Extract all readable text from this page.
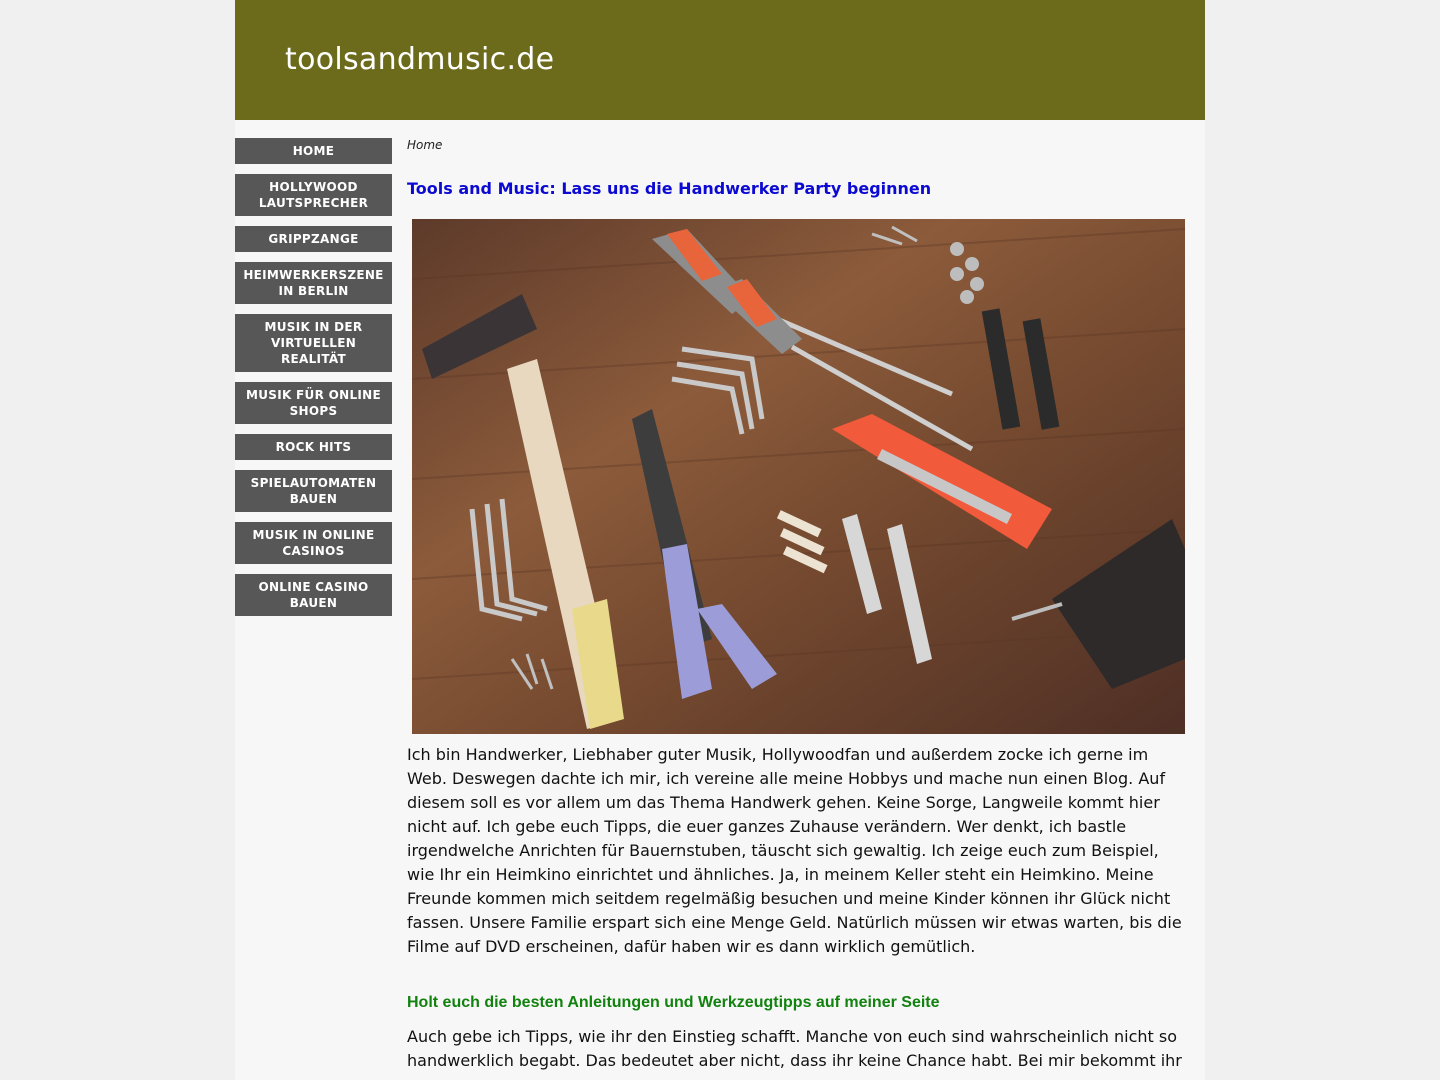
toolsandmusic.de
HOME
HOLLYWOOD LAUTSPRECHER
GRIPPZANGE
HEIMWERKERSZENE IN BERLIN
MUSIK IN DER VIRTUELLEN REALITÄT
MUSIK FÜR ONLINE SHOPS
ROCK HITS
SPIELAUTOMATEN BAUEN
MUSIK IN ONLINE CASINOS
ONLINE CASINO BAUEN
Home
Tools and Music: Lass uns die Handwerker Party beginnen

Ich bin Handwerker, Liebhaber guter Musik, Hollywoodfan und außerdem zocke ich gerne im Web. Deswegen dachte ich mir, ich vereine alle meine Hobbys und mache nun einen Blog. Auf diesem soll es vor allem um das Thema Handwerk gehen. Keine Sorge, Langweile kommt hier nicht auf. Ich gebe euch Tipps, die euer ganzes Zuhause verändern. Wer denkt, ich bastle irgendwelche Anrichten für Bauernstuben, täuscht sich gewaltig. Ich zeige euch zum Beispiel, wie Ihr ein Heimkino einrichtet und ähnliches. Ja, in meinem Keller steht ein Heimkino. Meine Freunde kommen mich seitdem regelmäßig besuchen und meine Kinder können ihr Glück nicht fassen. Unsere Familie erspart sich eine Menge Geld. Natürlich müssen wir etwas warten, bis die Filme auf DVD erscheinen, dafür haben wir es dann wirklich gemütlich.

Holt euch die besten Anleitungen und Werkzeugtipps auf meiner Seite

Auch gebe ich Tipps, wie ihr den Einstieg schafft. Manche von euch sind wahrscheinlich nicht so handwerklich begabt. Das bedeutet aber nicht, dass ihr keine Chance habt. Bei mir bekommt ihr
